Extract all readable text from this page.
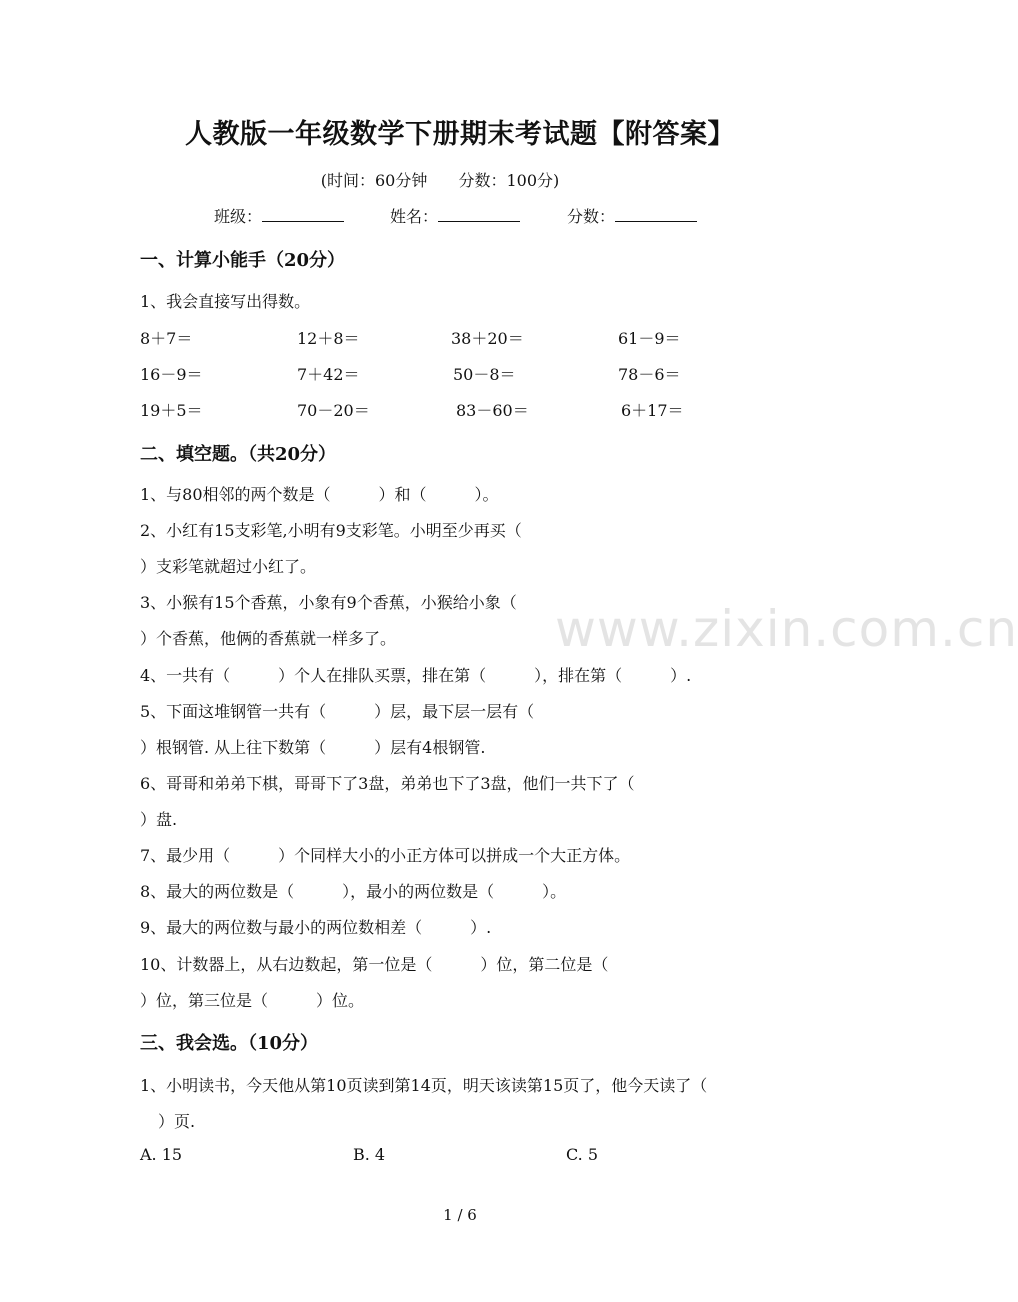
人教版一年级数学下册期末考试题【附答案】
(时间：60分钟 分数：100分)
班级：	姓名：	分数：
一、计算小能手（20分）
1、我会直接写出得数。
8＋7＝	12＋8＝	38＋20＝	61－9＝
16－9＝	7＋42＝	50－8＝	78－6＝
19＋5＝	70－20＝	83－60＝	6＋17＝
二、填空题。（共20分）
1、与80相邻的两个数是（　　　）和（　　　）。
2、小红有15支彩笔,小明有9支彩笔。小明至少再买（
）支彩笔就超过小红了。
3、小猴有15个香蕉，小象有9个香蕉，小猴给小象（
）个香蕉，他俩的香蕉就一样多了。
4、一共有（　　　）个人在排队买票，排在第（　　　），排在第（　　　）.
5、下面这堆钢管一共有（　　　）层，最下层一层有（
）根钢管. 从上往下数第（　　　）层有4根钢管.
6、哥哥和弟弟下棋，哥哥下了3盘，弟弟也下了3盘，他们一共下了（
）盘.
7、最少用（　　　）个同样大小的小正方体可以拼成一个大正方体。
8、最大的两位数是（　　　），最小的两位数是（　　　）。
9、最大的两位数与最小的两位数相差（　　　）.
10、计数器上，从右边数起，第一位是（　　　）位，第二位是（
）位，第三位是（　　　）位。
三、我会选。（10分）
1、小明读书，今天他从第10页读到第14页，明天该读第15页了，他今天读了（
）页.
A. 15	B. 4	C. 5
www.zixin.com.cn
1 / 6
